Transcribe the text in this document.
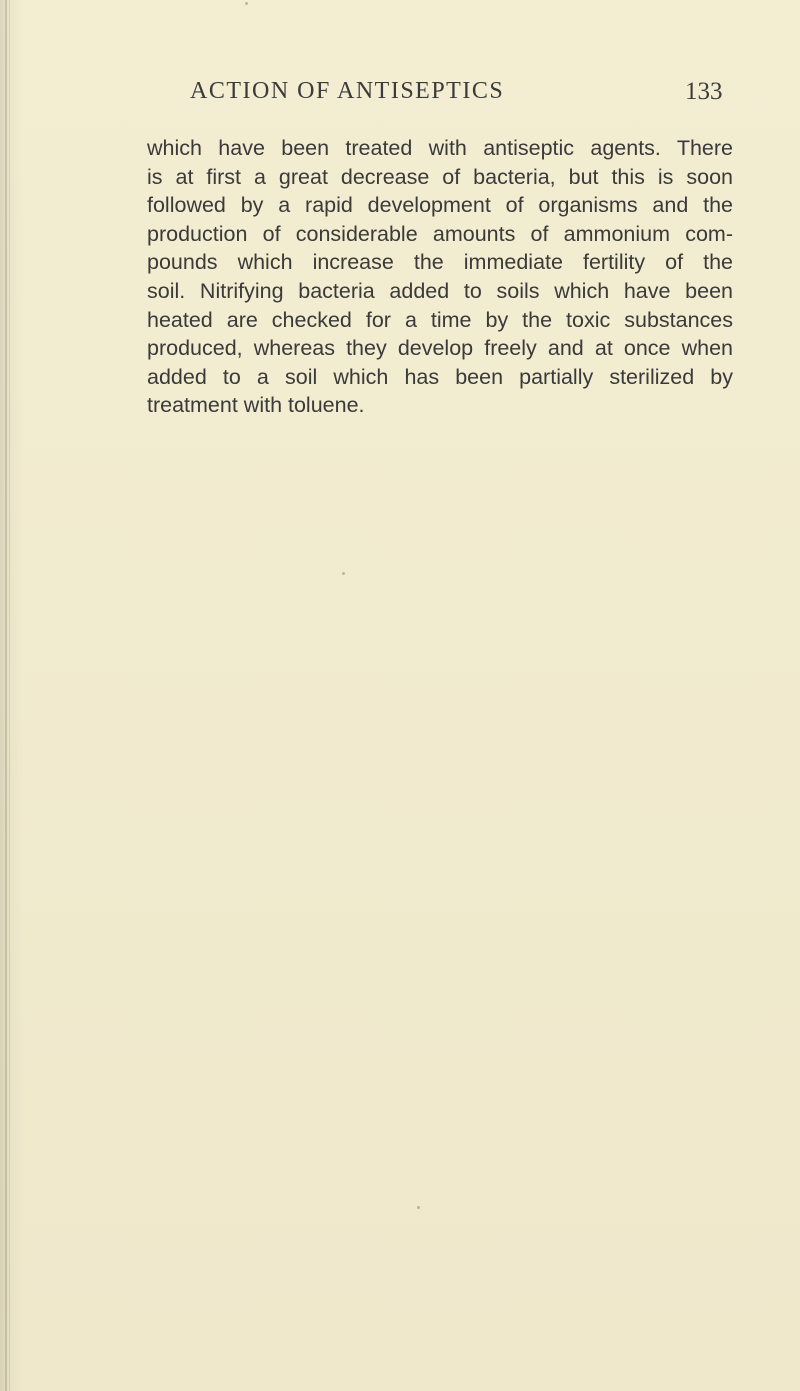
ACTION OF ANTISEPTICS	133
which have been treated with antiseptic agents. There
is at first a great decrease of bacteria, but this is soon
followed by a rapid development of organisms and the
production of considerable amounts of ammonium com-
pounds which increase the immediate fertility of the
soil. Nitrifying bacteria added to soils which have been
heated are checked for a time by the toxic substances
produced, whereas they develop freely and at once when
added to a soil which has been partially sterilized by
treatment with toluene.
